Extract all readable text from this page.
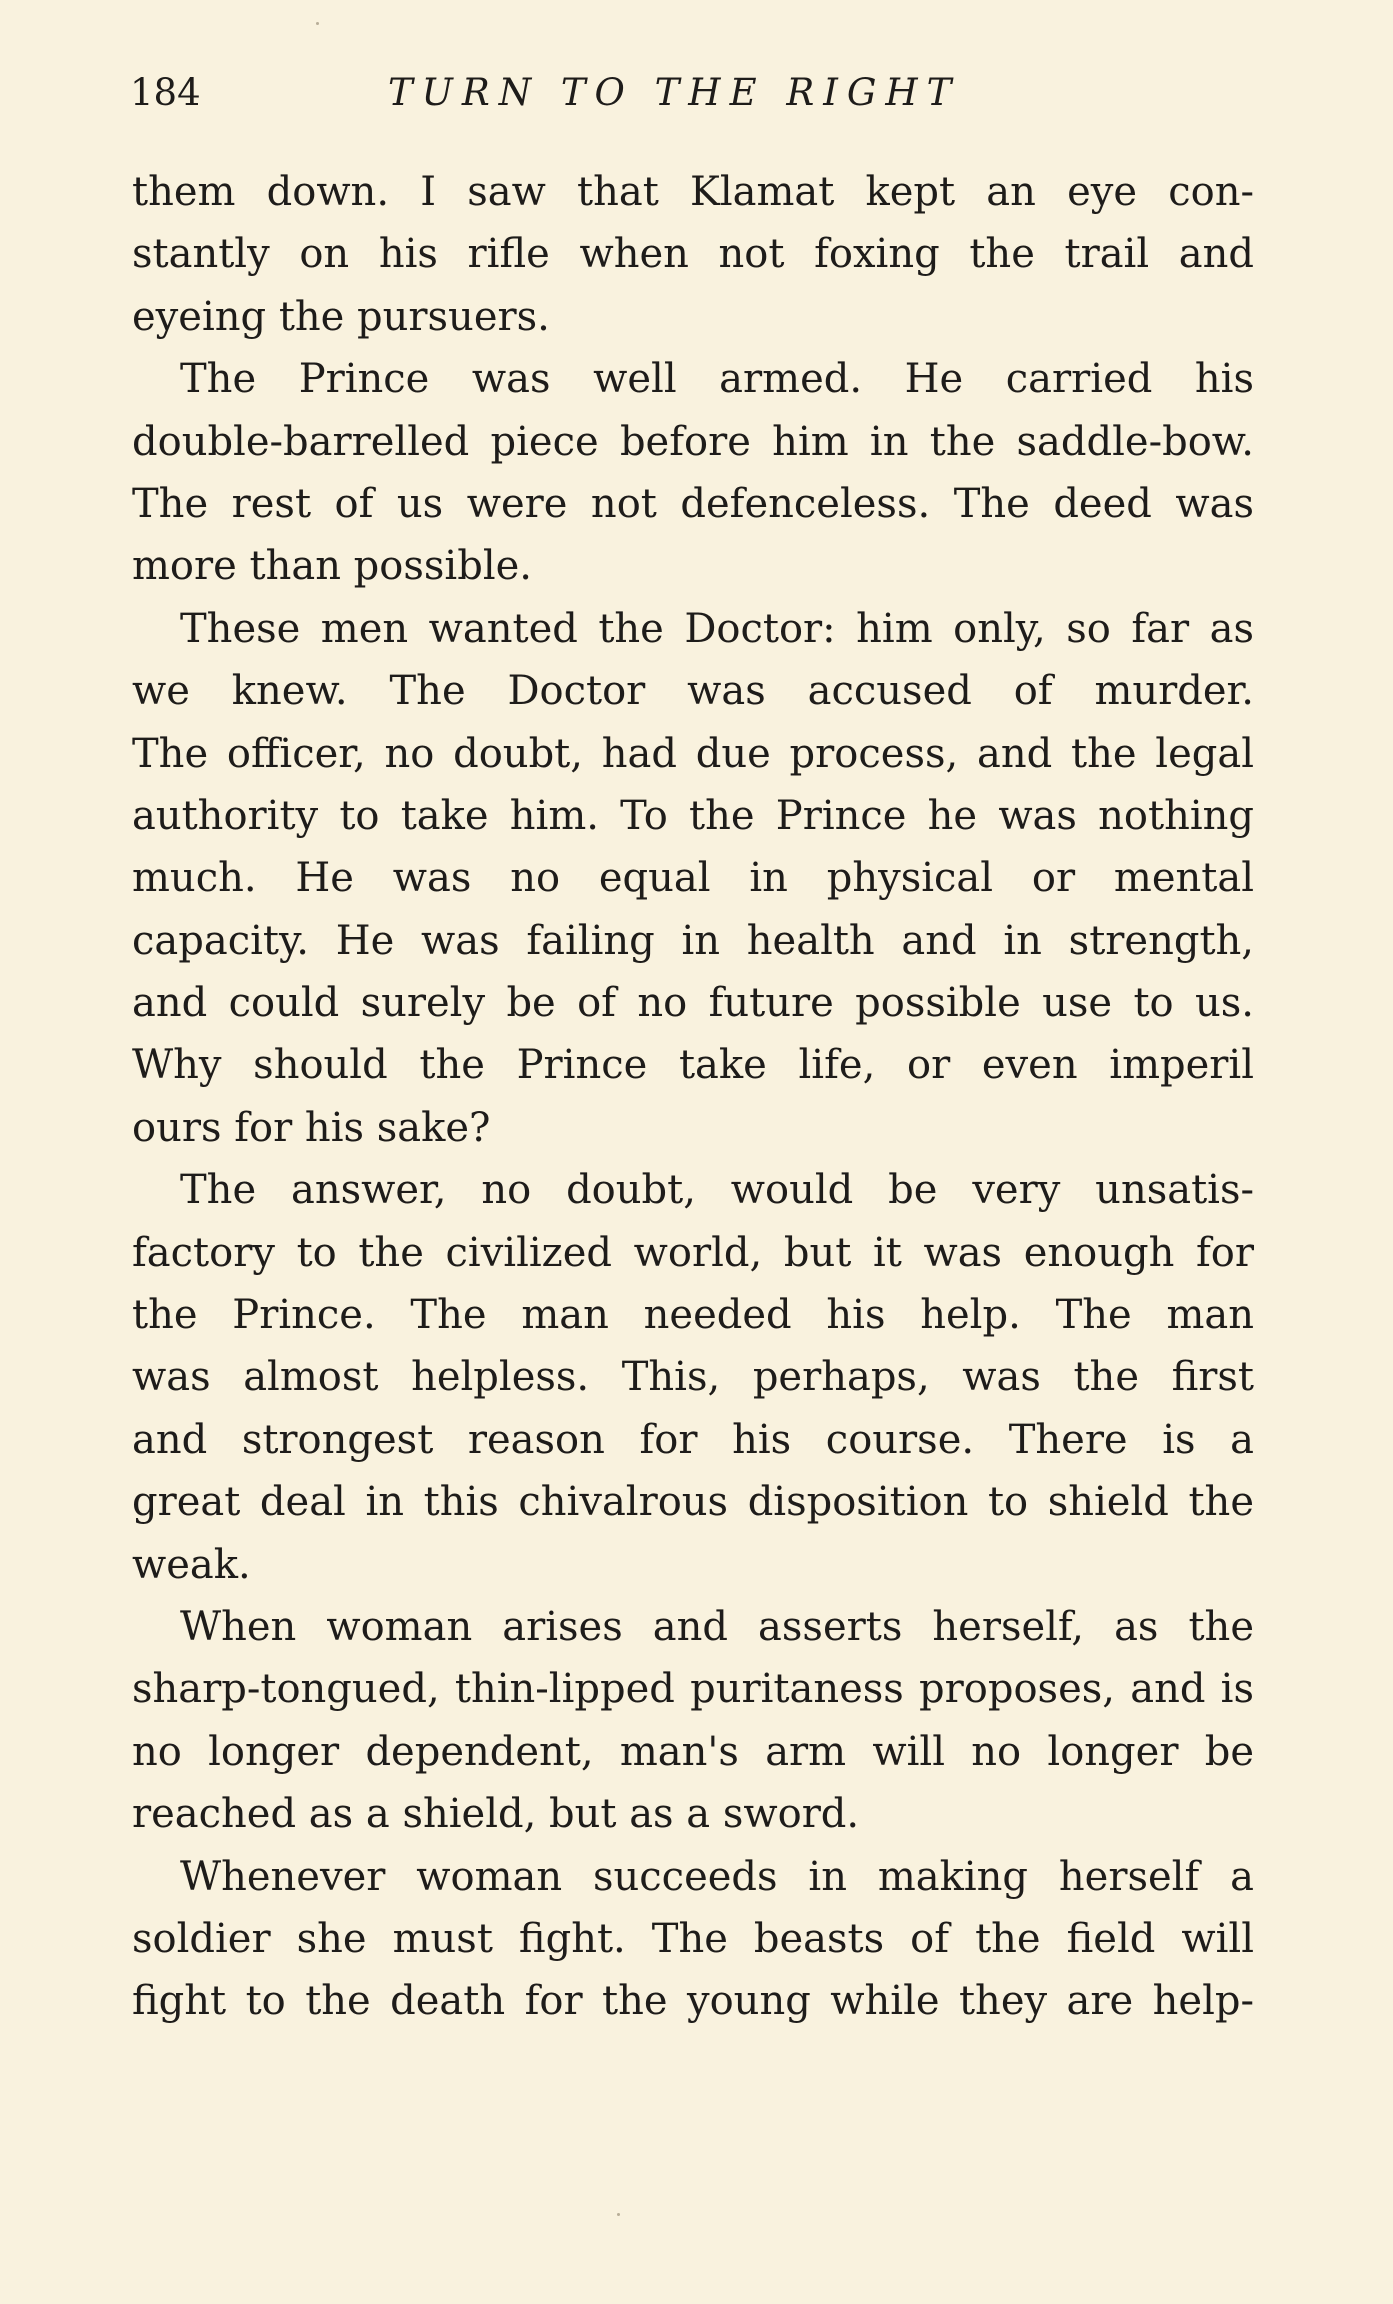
184	TURN TO THE RIGHT
them down. I saw that Klamat kept an eye con-
stantly on his rifle when not foxing the trail and
eyeing the pursuers.
The Prince was well armed. He carried his
double-barrelled piece before him in the saddle-bow.
The rest of us were not defenceless. The deed was
more than possible.
These men wanted the Doctor: him only, so far as
we knew. The Doctor was accused of murder.
The officer, no doubt, had due process, and the legal
authority to take him. To the Prince he was nothing
much. He was no equal in physical or mental
capacity. He was failing in health and in strength,
and could surely be of no future possible use to us.
Why should the Prince take life, or even imperil
ours for his sake?
The answer, no doubt, would be very unsatis-
factory to the civilized world, but it was enough for
the Prince. The man needed his help. The man
was almost helpless. This, perhaps, was the first
and strongest reason for his course. There is a
great deal in this chivalrous disposition to shield the
weak.
When woman arises and asserts herself, as the
sharp-tongued, thin-lipped puritaness proposes, and is
no longer dependent, man's arm will no longer be
reached as a shield, but as a sword.
Whenever woman succeeds in making herself a
soldier she must fight. The beasts of the field will
fight to the death for the young while they are help-
